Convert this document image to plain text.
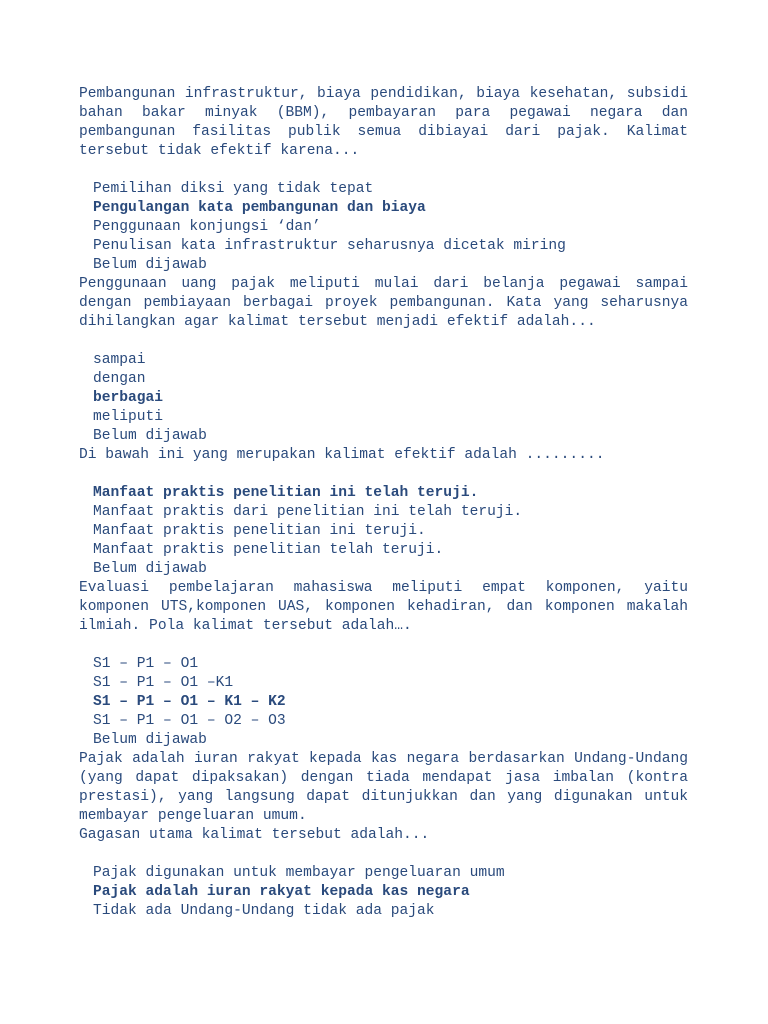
Pembangunan infrastruktur, biaya pendidikan, biaya kesehatan, subsidi bahan bakar minyak (BBM), pembayaran para pegawai negara dan pembangunan fasilitas publik semua dibiayai dari pajak. Kalimat tersebut tidak efektif karena...

Pemilihan diksi yang tidak tepat
Pengulangan kata pembangunan dan biaya
Penggunaan konjungsi ‘dan’
Penulisan kata infrastruktur seharusnya dicetak miring
Belum dijawab

Penggunaan uang pajak meliputi mulai dari belanja pegawai sampai dengan pembiayaan berbagai proyek pembangunan. Kata yang seharusnya dihilangkan agar kalimat tersebut menjadi efektif adalah...

sampai
dengan
berbagai
meliputi
Belum dijawab

Di bawah ini yang merupakan kalimat efektif adalah .........

Manfaat praktis penelitian ini telah teruji.
Manfaat praktis dari penelitian ini telah teruji.
Manfaat praktis penelitian ini teruji.
Manfaat praktis penelitian telah teruji.
Belum dijawab

Evaluasi pembelajaran mahasiswa meliputi empat komponen, yaitu komponen UTS,komponen UAS, komponen kehadiran, dan komponen makalah ilmiah. Pola kalimat tersebut adalah….

S1 – P1 – O1
S1 – P1 – O1 –K1
S1 – P1 – O1 – K1 – K2
S1 – P1 – O1 – O2 – O3
Belum dijawab

Pajak adalah iuran rakyat kepada kas negara berdasarkan Undang-Undang (yang dapat dipaksakan) dengan tiada mendapat jasa imbalan (kontra prestasi), yang langsung dapat ditunjukkan dan yang digunakan untuk membayar pengeluaran umum.

Gagasan utama kalimat tersebut adalah...

Pajak digunakan untuk membayar pengeluaran umum
Pajak adalah iuran rakyat kepada kas negara
Tidak ada Undang-Undang tidak ada pajak
